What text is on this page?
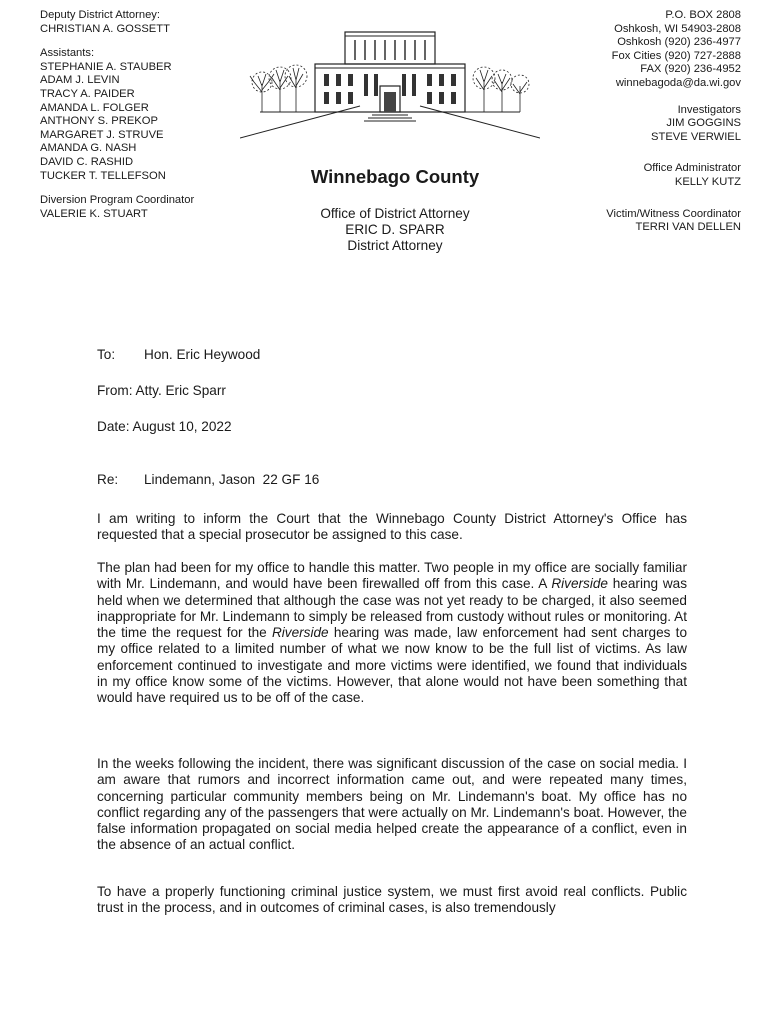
Deputy District Attorney:
CHRISTIAN A. GOSSETT
Assistants:
STEPHANIE A. STAUBER
ADAM J. LEVIN
TRACY A. PAIDER
AMANDA L. FOLGER
ANTHONY S. PREKOP
MARGARET J. STRUVE
AMANDA G. NASH
DAVID C. RASHID
TUCKER T. TELLEFSON
Diversion Program Coordinator
VALERIE K. STUART
Winnebago County
Office of District Attorney
ERIC D. SPARR
District Attorney
P.O. BOX 2808
Oshkosh, WI 54903-2808
Oshkosh (920) 236-4977
Fox Cities (920) 727-2888
FAX (920) 236-4952
winnebagoda@da.wi.gov
Investigators
JIM GOGGINS
STEVE VERWIEL
Office Administrator
KELLY KUTZ
Victim/Witness Coordinator
TERRI VAN DELLEN
To: Hon. Eric Heywood
From: Atty. Eric Sparr
Date: August 10, 2022
Re: Lindemann, Jason  22 GF 16
I am writing to inform the Court that the Winnebago County District Attorney's Office has requested that a special prosecutor be assigned to this case.
The plan had been for my office to handle this matter. Two people in my office are socially familiar with Mr. Lindemann, and would have been firewalled off from this case. A Riverside hearing was held when we determined that although the case was not yet ready to be charged, it also seemed inappropriate for Mr. Lindemann to simply be released from custody without rules or monitoring. At the time the request for the Riverside hearing was made, law enforcement had sent charges to my office related to a limited number of what we now know to be the full list of victims. As law enforcement continued to investigate and more victims were identified, we found that individuals in my office know some of the victims. However, that alone would not have been something that would have required us to be off of the case.
In the weeks following the incident, there was significant discussion of the case on social media. I am aware that rumors and incorrect information came out, and were repeated many times, concerning particular community members being on Mr. Lindemann's boat. My office has no conflict regarding any of the passengers that were actually on Mr. Lindemann's boat. However, the false information propagated on social media helped create the appearance of a conflict, even in the absence of an actual conflict.
To have a properly functioning criminal justice system, we must first avoid real conflicts. Public trust in the process, and in outcomes of criminal cases, is also tremendously
